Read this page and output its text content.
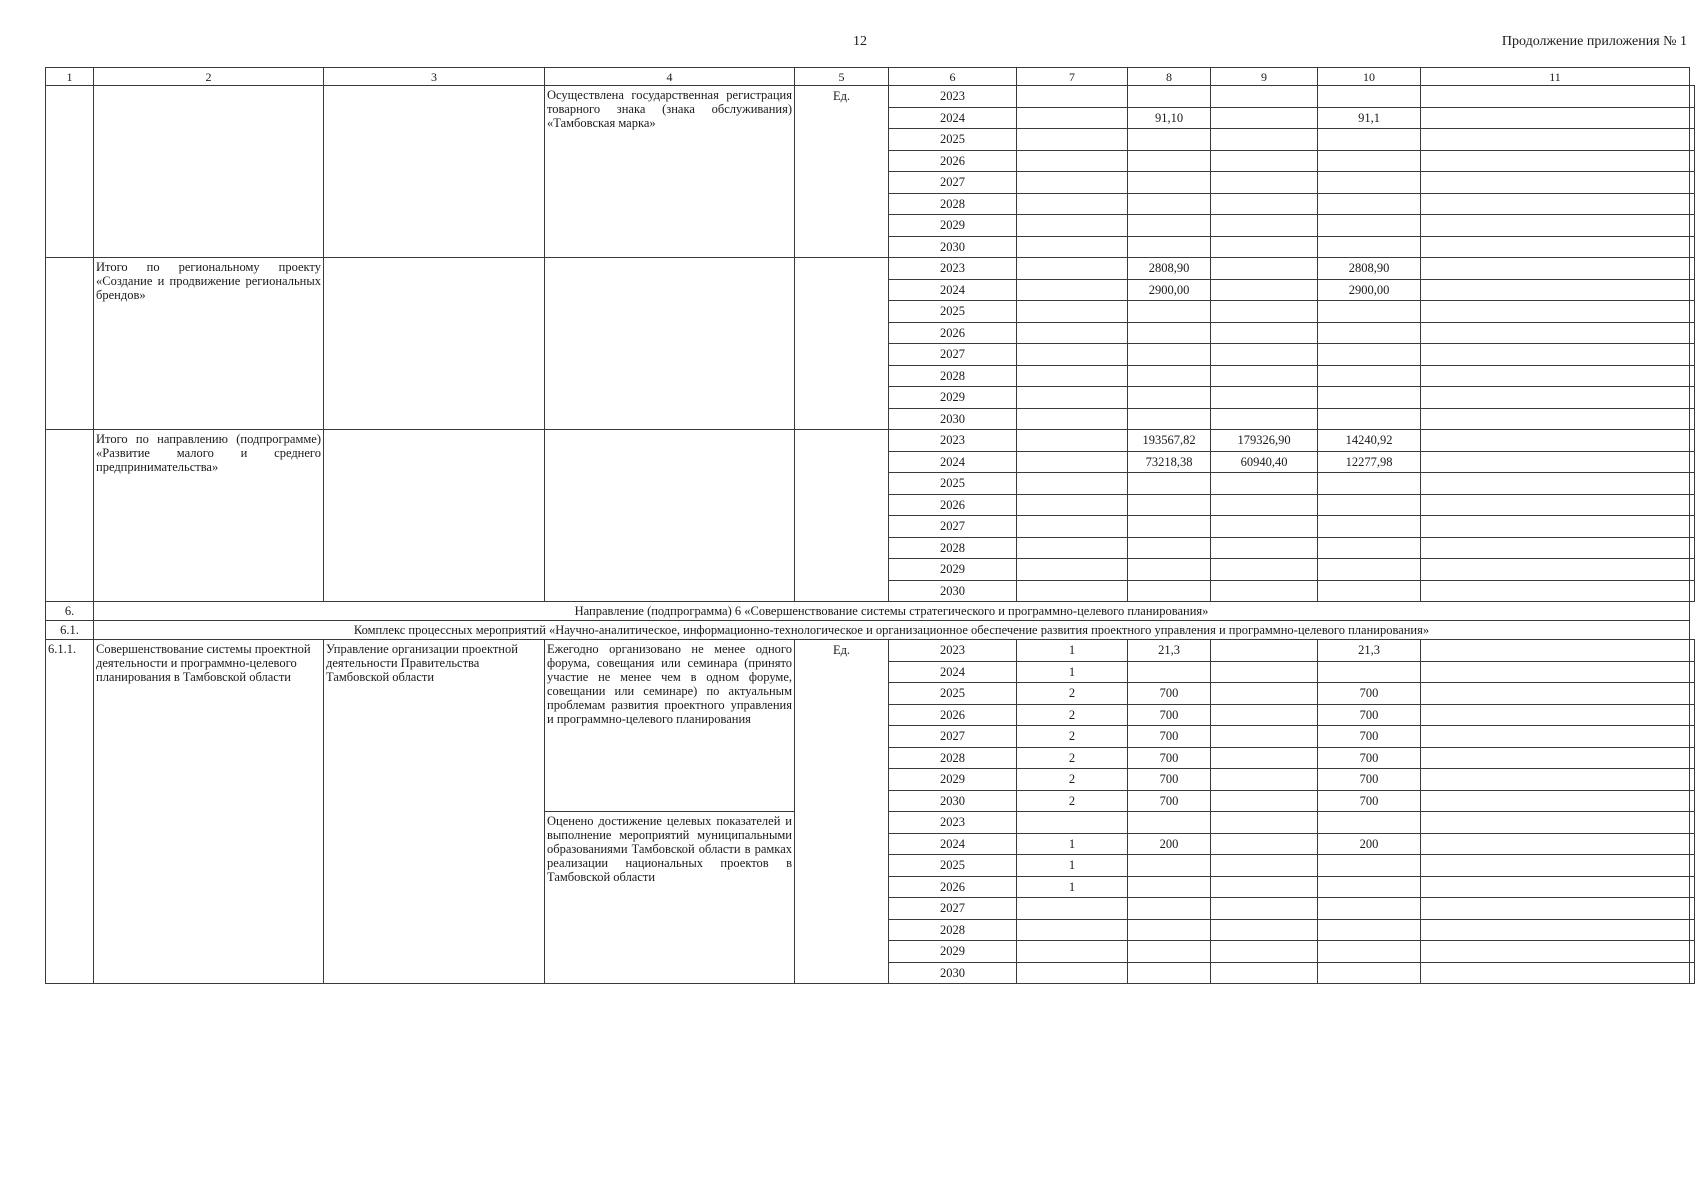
12	Продолжение приложения № 1
1	2	3	4	5	6	7	8	9	10	11	
			Осуществлена государственная регистрация товарного знака (знака обслуживания) «Тамбовская марка»	Ед.	2023						
					2024		91,10		91,1		
					2025						
					2026						
					2027						
					2028						
					2029						
					2030						
	Итого по региональному проекту «Создание и продвижение региональных брендов»				2023		2808,90		2808,90		
					2024		2900,00		2900,00		
					2025						
					2026						
					2027						
					2028						
					2029						
					2030						
	Итого по направлению (подпрограмме) «Развитие малого и среднего предпринимательства»				2023		193567,82	179326,90	14240,92		
					2024		73218,38	60940,40	12277,98		
					2025						
					2026						
					2027						
					2028						
					2029						
					2030						
6.	Направление (подпрограмма) 6 «Совершенствование системы стратегического и программно-целевого планирования»										
6.1.	Комплекс процессных мероприятий «Научно-аналитическое, информационно-технологическое и организационное обеспечение развития проектного управления и программно-целевого планирования»										
6.1.1.	Совершенствование системы проектной деятельности и программно-целевого планирования в Тамбовской области	Управление организации проектной деятельности Правительства Тамбовской области	Ежегодно организовано не менее одного форума, совещания или семинара (принято участие не менее чем в одном форуме, совещании или семинаре) по актуальным проблемам развития проектного управления и программно-целевого планирования	Ед.	2023	1	21,3		21,3		
					2024	1					
					2025	2	700		700		
					2026	2	700		700		
					2027	2	700		700		
					2028	2	700		700		
					2029	2	700		700		
					2030	2	700		700		
			Оценено достижение целевых показателей и выполнение мероприятий муниципальными образованиями Тамбовской области в рамках реализации национальных проектов в Тамбовской области		2023						
					2024	1	200		200		
					2025	1					
					2026	1					
					2027						
					2028						
					2029						
					2030						
